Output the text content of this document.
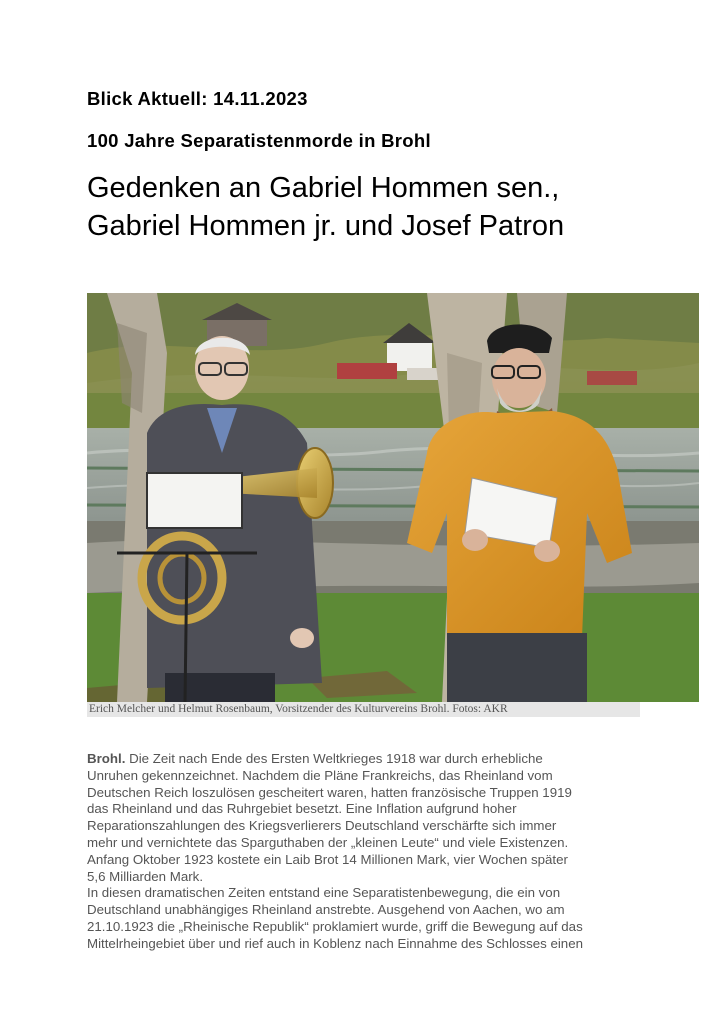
Blick Aktuell: 14.11.2023
100 Jahre Separatistenmorde in Brohl
Gedenken an Gabriel Hommen sen.,
Gabriel Hommen jr. und Josef Patron
Erich Melcher und Helmut Rosenbaum, Vorsitzender des Kulturvereins Brohl. Fotos: AKR

Brohl. Die Zeit nach Ende des Ersten Weltkrieges 1918 war durch erhebliche
Unruhen gekennzeichnet. Nachdem die Pläne Frankreichs, das Rheinland vom
Deutschen Reich loszulösen gescheitert waren, hatten französische Truppen 1919
das Rheinland und das Ruhrgebiet besetzt. Eine Inflation aufgrund hoher
Reparationszahlungen des Kriegsverlierers Deutschland verschärfte sich immer
mehr und vernichtete das Sparguthaben der „kleinen Leute“ und viele Existenzen.
Anfang Oktober 1923 kostete ein Laib Brot 14 Millionen Mark, vier Wochen später
5,6 Milliarden Mark.

In diesen dramatischen Zeiten entstand eine Separatistenbewegung, die ein von
Deutschland unabhängiges Rheinland anstrebte. Ausgehend von Aachen, wo am
21.10.1923 die „Rheinische Republik“ proklamiert wurde, griff die Bewegung auf das
Mittelrheingebiet über und rief auch in Koblenz nach Einnahme des Schlosses einen
